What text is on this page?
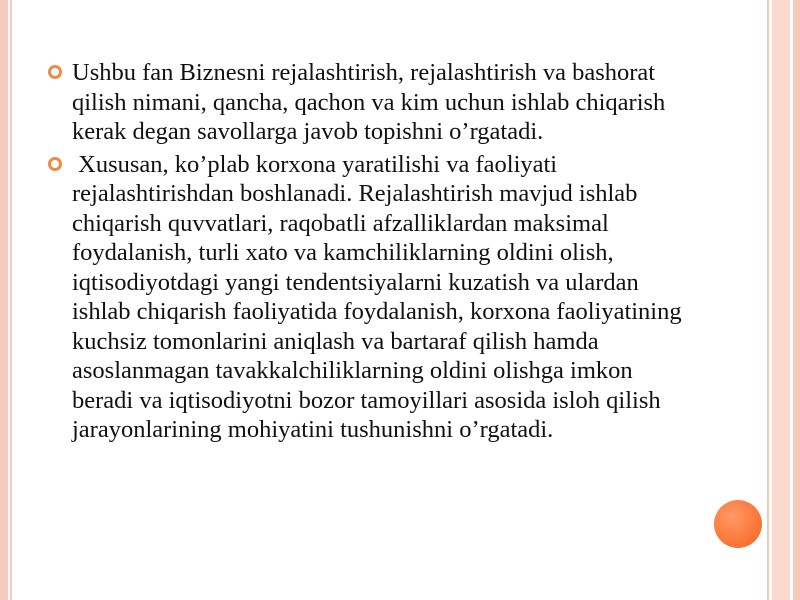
Ushbu fan Biznesni rejalashtirish, rejalashtirish va bashorat qilish nimani, qancha, qachon va kim uchun ishlab chiqarish kerak degan savollarga javob topishni o’rgatadi.
Xususan, ko’plab korxona yaratilishi va faoliyati rejalashtirishdan boshlanadi. Rejalashtirish mavjud ishlab chiqarish quvvatlari, raqobatli afzalliklardan maksimal foydalanish, turli xato va kamchiliklarning oldini olish, iqtisodiyotdagi yangi tendentsiyalarni kuzatish va ulardan ishlab chiqarish faoliyatida foydalanish, korxona faoliyatining kuchsiz tomonlarini aniqlash va bartaraf qilish hamda asoslanmagan tavakkalchiliklarning oldini olishga imkon beradi va iqtisodiyotni bozor tamoyillari asosida isloh qilish jarayonlarining mohiyatini tushunishni o’rgatadi.
